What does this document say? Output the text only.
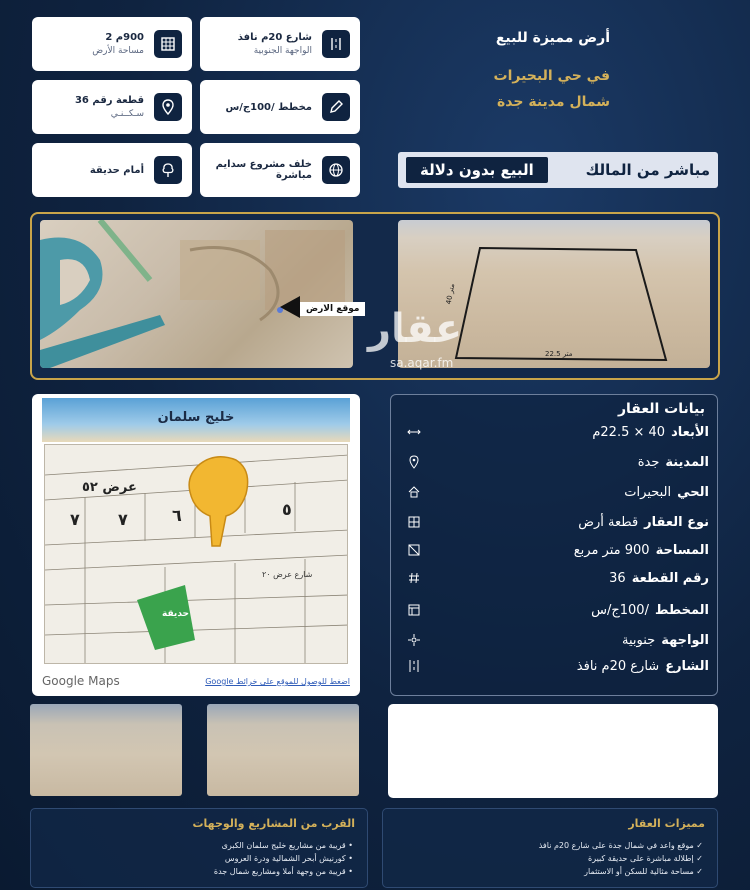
أرض مميزة للبيع
في حي البحيرات
شمال مدينة جدة
900م 2
مساحة الأرض
شارع 20م نافذ
الواجهة الجنوبية
قطعة رقم 36
سـكــنـي
مخطط /100ج/س
أمام حديقة	خلف مشروع سدايم مباشرة	مباشر من المالك
البيع بدون دلالة
موقع الارض
40 متر
22.5 متر
عقار
sa.aqar.fm
خليج سلمان
عرض ٥٢
شارع عرض ٢٠
حديقة
٧ ٧	٦	٥
Google Maps	اضغط للوصول للموقع على خرائط Google
بيانات العقار
الأبعاد
40 × 22.5م
المدينة
جدة
الحي
البحيرات
نوع العقار
قطعة أرض
المساحة
900 متر مربع
رقم القطعة
36
المخطط
/100ج/س
الواجهة
جنوبية
الشارع
شارع 20م نافذ
القرب من المشاريع والوجهات
• قريبة من مشاريع خليج سلمان الكبرى
• كورنيش أبحر الشمالية ودرة العروس
• قريبة من وجهة أملا ومشاريع شمال جدة
مميزات العقار
✓ موقع واعد في شمال جدة على شارع 20م نافذ
✓ إطلالة مباشرة على حديقة كبيرة
✓ مساحة مثالية للسكن أو الاستثمار
